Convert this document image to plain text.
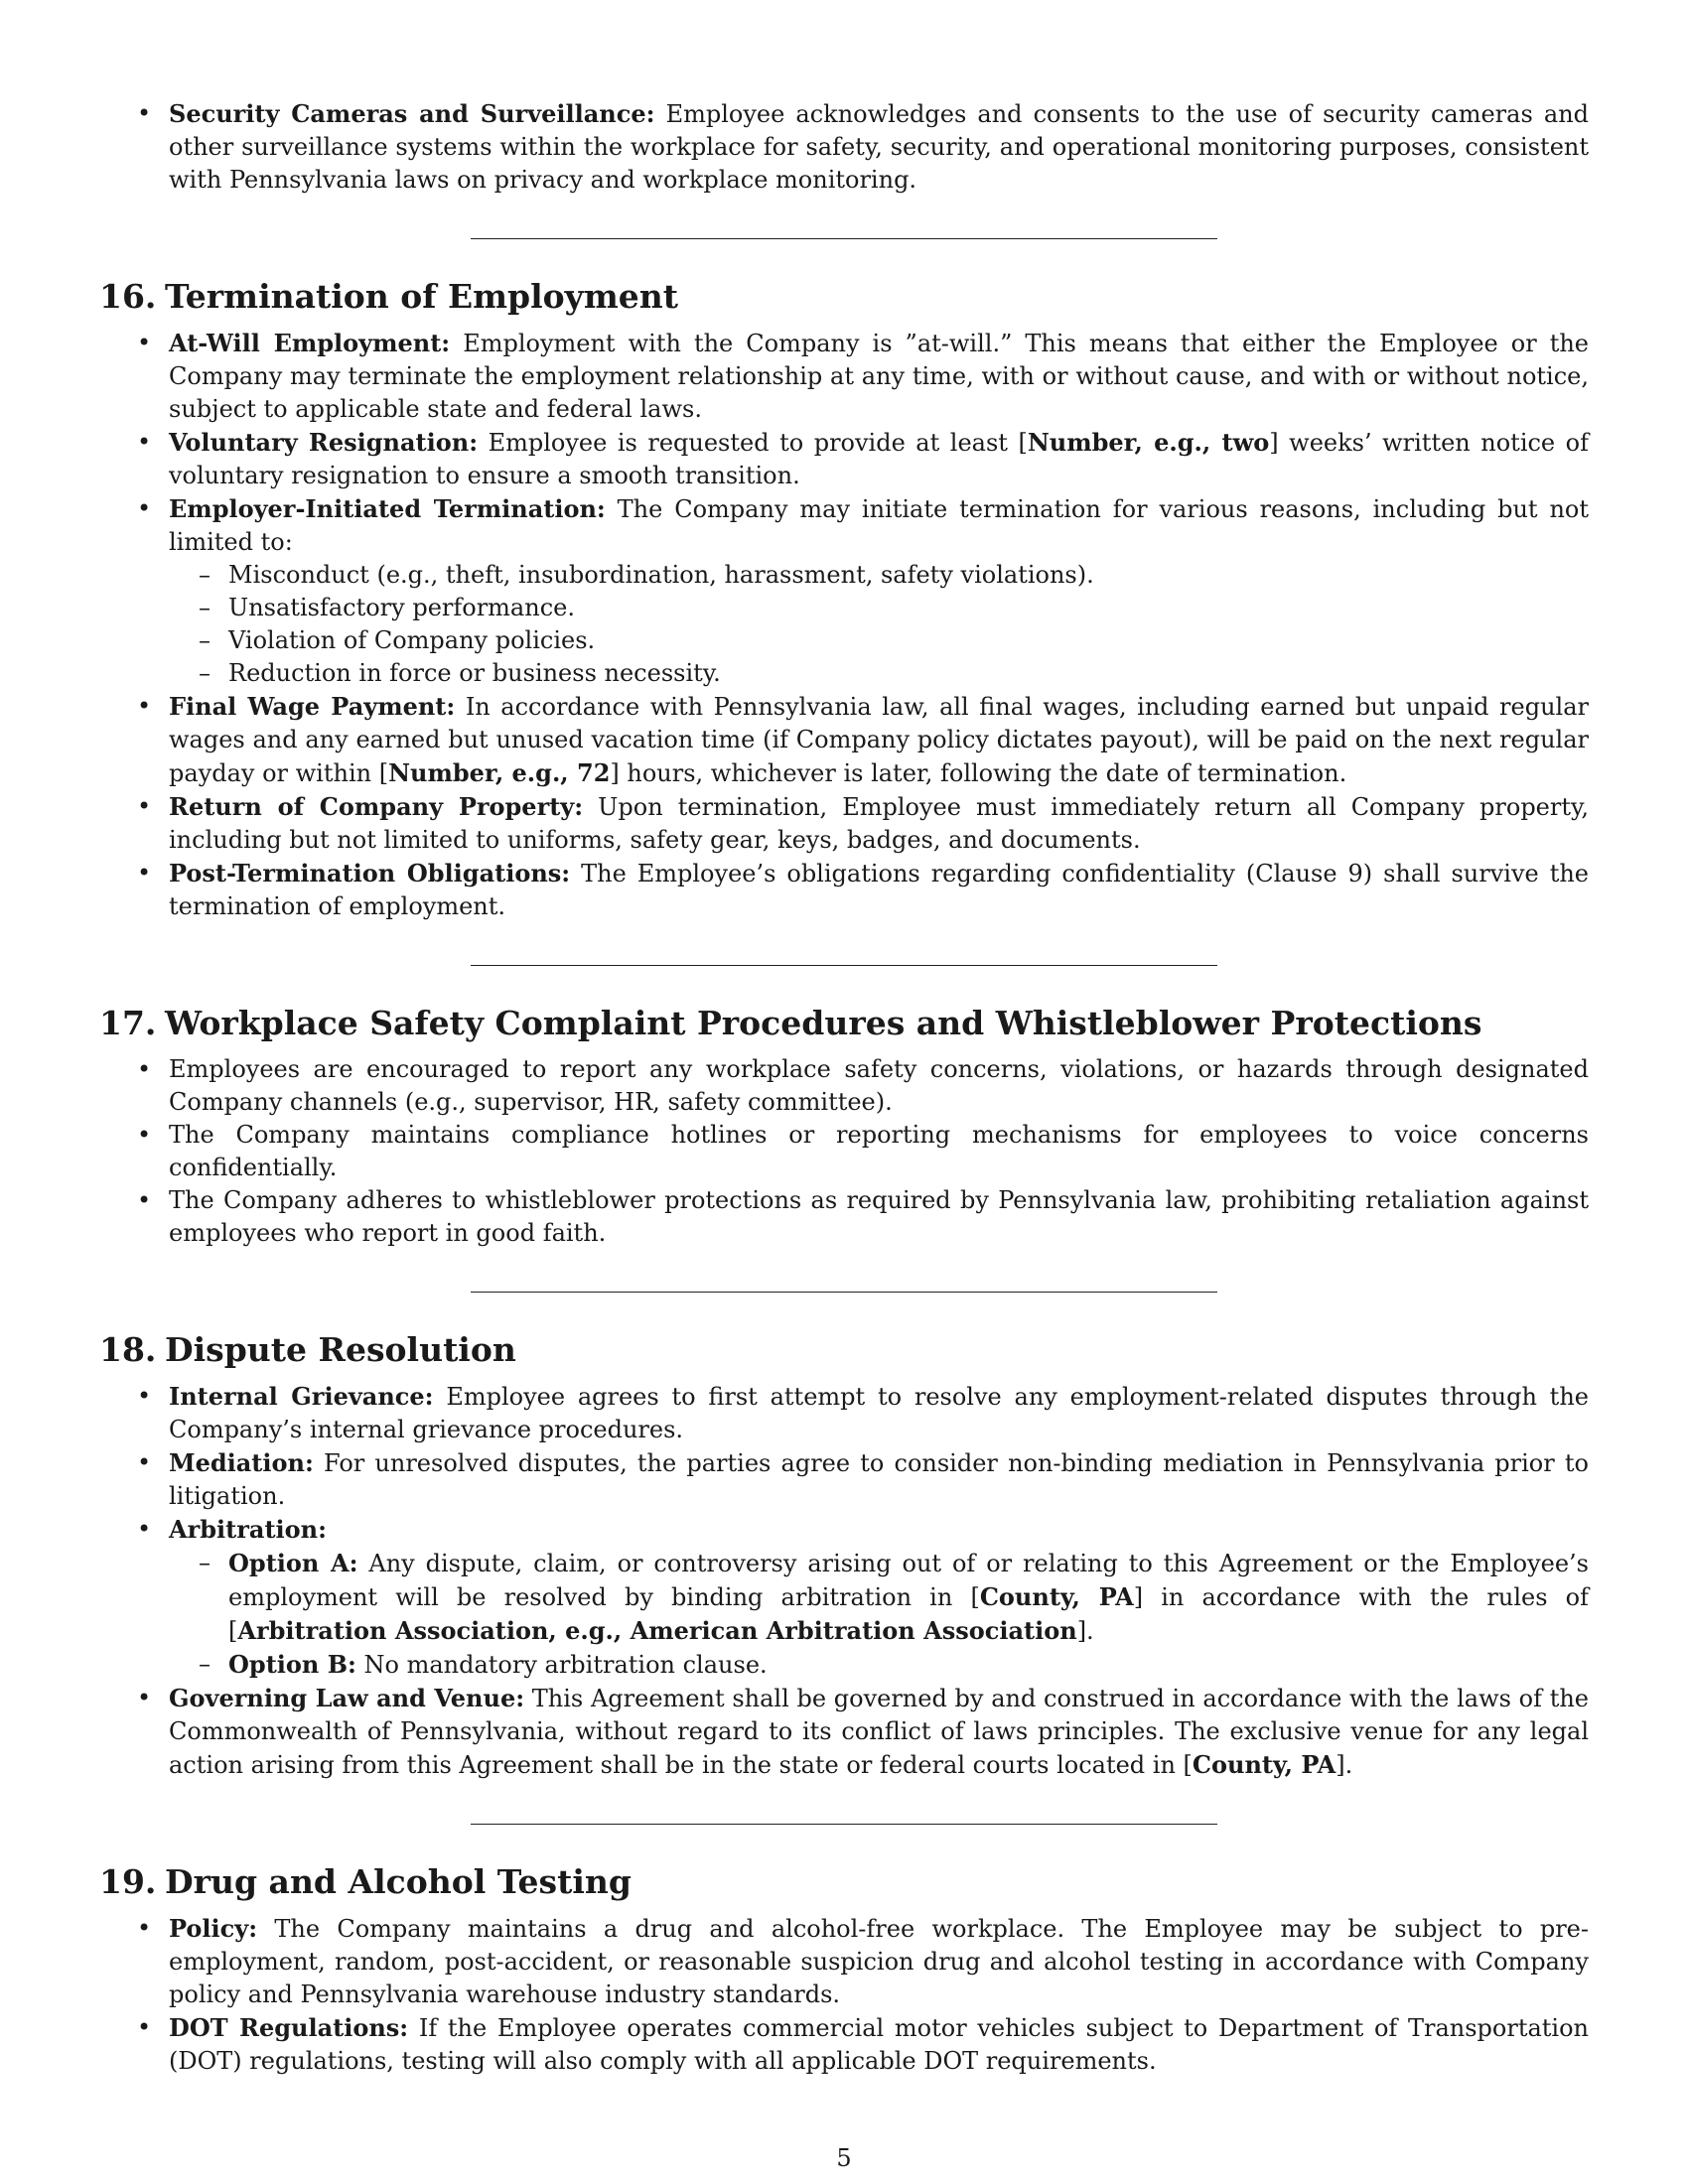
• Security Cameras and Surveillance: Employee acknowledges and consents to the use of security cameras and other surveillance systems within the workplace for safety, security, and operational monitoring purposes, consistent with Pennsylvania laws on privacy and workplace monitoring.
16. Termination of Employment
• At-Will Employment: Employment with the Company is ”at-will.” This means that either the Employee or the Company may terminate the employment relationship at any time, with or without cause, and with or without notice, subject to applicable state and federal laws.
• Voluntary Resignation: Employee is requested to provide at least [Number, e.g., two] weeks’ written notice of voluntary resignation to ensure a smooth transition.
• Employer-Initiated Termination: The Company may initiate termination for various reasons, including but not limited to:
– Misconduct (e.g., theft, insubordination, harassment, safety violations).
– Unsatisfactory performance.
– Violation of Company policies.
– Reduction in force or business necessity.
• Final Wage Payment: In accordance with Pennsylvania law, all final wages, including earned but unpaid regular wages and any earned but unused vacation time (if Company policy dictates payout), will be paid on the next regular payday or within [Number, e.g., 72] hours, whichever is later, following the date of termination.
• Return of Company Property: Upon termination, Employee must immediately return all Company property, including but not limited to uniforms, safety gear, keys, badges, and documents.
• Post-Termination Obligations: The Employee’s obligations regarding confidentiality (Clause 9) shall survive the termination of employment.
17. Workplace Safety Complaint Procedures and Whistleblower Protections
• Employees are encouraged to report any workplace safety concerns, violations, or hazards through designated Company channels (e.g., supervisor, HR, safety committee).
• The Company maintains compliance hotlines or reporting mechanisms for employees to voice concerns confidentially.
• The Company adheres to whistleblower protections as required by Pennsylvania law, prohibiting retaliation against employees who report in good faith.
18. Dispute Resolution
• Internal Grievance: Employee agrees to first attempt to resolve any employment-related disputes through the Company’s internal grievance procedures.
• Mediation: For unresolved disputes, the parties agree to consider non-binding mediation in Pennsylvania prior to litigation.
• Arbitration:
– Option A: Any dispute, claim, or controversy arising out of or relating to this Agreement or the Employee’s employment will be resolved by binding arbitration in [County, PA] in accordance with the rules of [Arbitration Association, e.g., American Arbitration Association].
– Option B: No mandatory arbitration clause.
• Governing Law and Venue: This Agreement shall be governed by and construed in accordance with the laws of the Commonwealth of Pennsylvania, without regard to its conflict of laws principles. The exclusive venue for any legal action arising from this Agreement shall be in the state or federal courts located in [County, PA].
19. Drug and Alcohol Testing
• Policy: The Company maintains a drug and alcohol-free workplace. The Employee may be subject to pre-employment, random, post-accident, or reasonable suspicion drug and alcohol testing in accordance with Company policy and Pennsylvania warehouse industry standards.
• DOT Regulations: If the Employee operates commercial motor vehicles subject to Department of Transportation (DOT) regulations, testing will also comply with all applicable DOT requirements.
5
